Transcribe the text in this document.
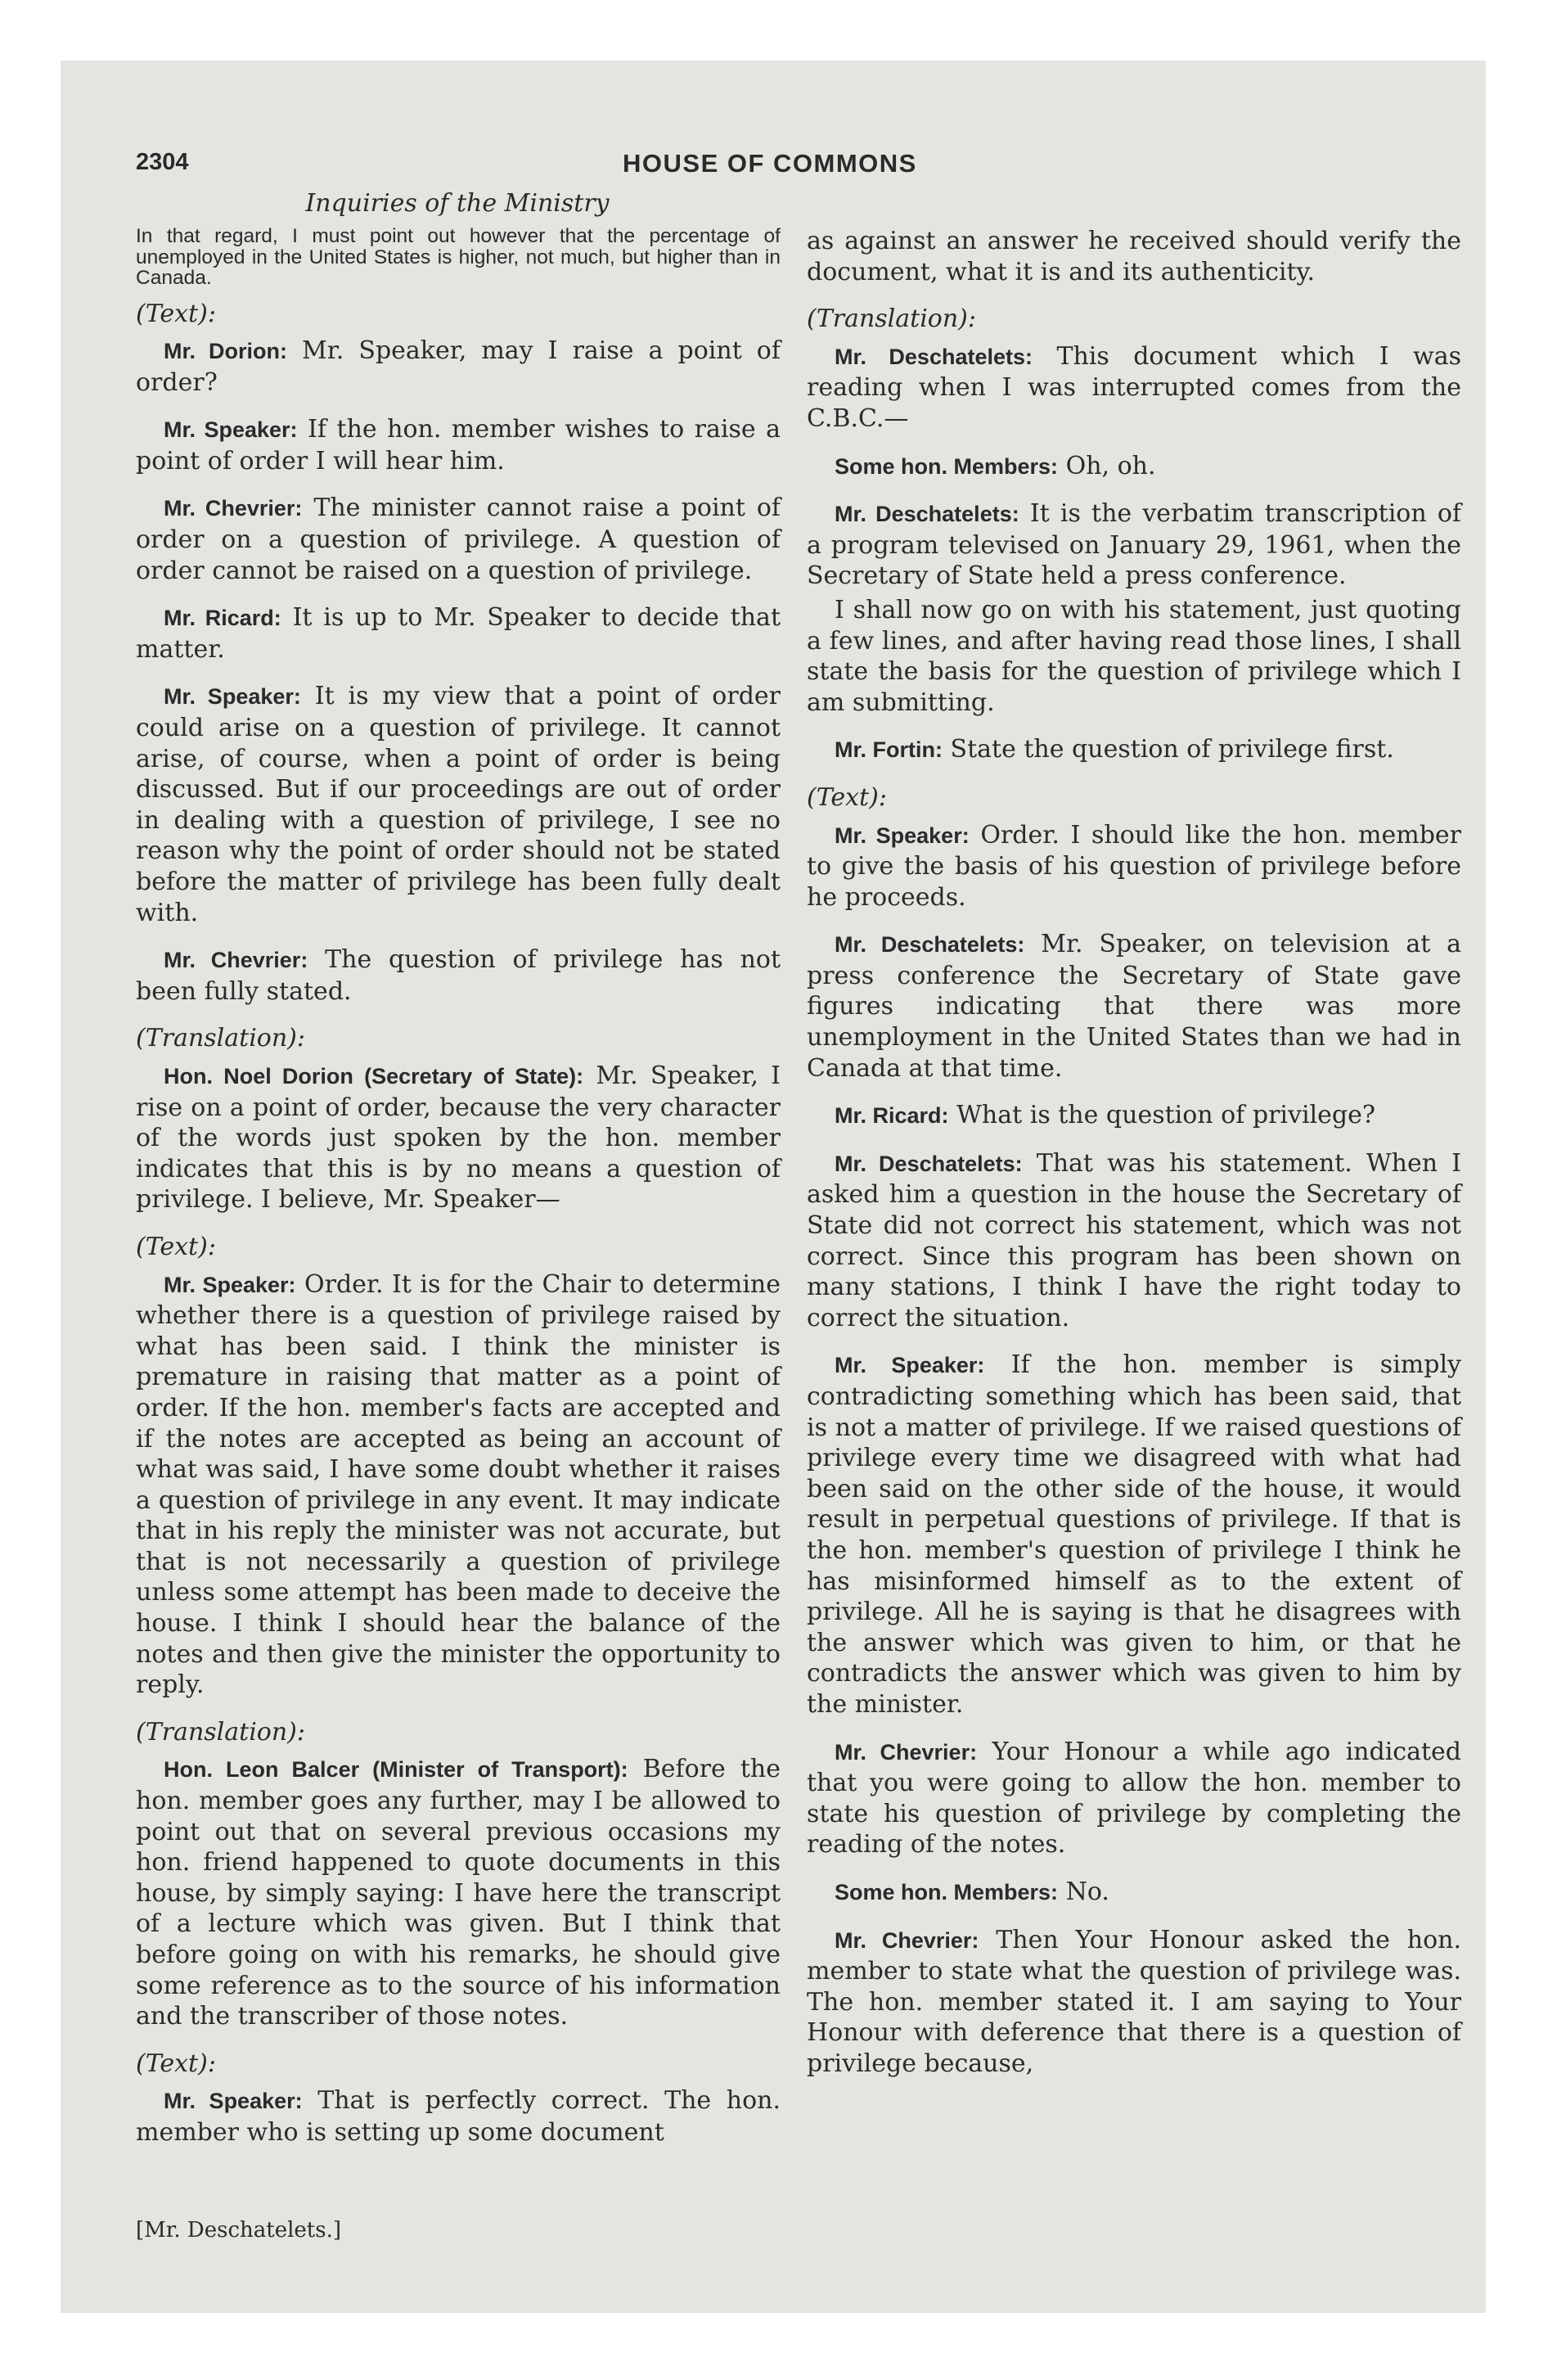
2304	HOUSE OF COMMONS
Inquiries of the Ministry

In that regard, I must point out however that the percentage of unemployed in the United States is higher, not much, but higher than in Canada.

(Text):

Mr. Dorion: Mr. Speaker, may I raise a point of order?

Mr. Speaker: If the hon. member wishes to raise a point of order I will hear him.

Mr. Chevrier: The minister cannot raise a point of order on a question of privilege. A question of order cannot be raised on a question of privilege.

Mr. Ricard: It is up to Mr. Speaker to decide that matter.

Mr. Speaker: It is my view that a point of order could arise on a question of privilege. It cannot arise, of course, when a point of order is being discussed. But if our proceedings are out of order in dealing with a question of privilege, I see no reason why the point of order should not be stated before the matter of privilege has been fully dealt with.

Mr. Chevrier: The question of privilege has not been fully stated.

(Translation):

Hon. Noel Dorion (Secretary of State): Mr. Speaker, I rise on a point of order, because the very character of the words just spoken by the hon. member indicates that this is by no means a question of privilege. I believe, Mr. Speaker—

(Text):

Mr. Speaker: Order. It is for the Chair to determine whether there is a question of privilege raised by what has been said. I think the minister is premature in raising that matter as a point of order. If the hon. member's facts are accepted and if the notes are accepted as being an account of what was said, I have some doubt whether it raises a question of privilege in any event. It may indicate that in his reply the minister was not accurate, but that is not necessarily a question of privilege unless some attempt has been made to deceive the house. I think I should hear the balance of the notes and then give the minister the opportunity to reply.

(Translation):

Hon. Leon Balcer (Minister of Transport): Before the hon. member goes any further, may I be allowed to point out that on several previous occasions my hon. friend happened to quote documents in this house, by simply saying: I have here the transcript of a lecture which was given. But I think that before going on with his remarks, he should give some reference as to the source of his information and the transcriber of those notes.

(Text):

Mr. Speaker: That is perfectly correct. The hon. member who is setting up some document

as against an answer he received should verify the document, what it is and its authenticity.

(Translation):

Mr. Deschatelets: This document which I was reading when I was interrupted comes from the C.B.C.—

Some hon. Members: Oh, oh.

Mr. Deschatelets: It is the verbatim transcription of a program televised on January 29, 1961, when the Secretary of State held a press conference.

I shall now go on with his statement, just quoting a few lines, and after having read those lines, I shall state the basis for the question of privilege which I am submitting.

Mr. Fortin: State the question of privilege first.

(Text):

Mr. Speaker: Order. I should like the hon. member to give the basis of his question of privilege before he proceeds.

Mr. Deschatelets: Mr. Speaker, on television at a press conference the Secretary of State gave figures indicating that there was more unemployment in the United States than we had in Canada at that time.

Mr. Ricard: What is the question of privilege?

Mr. Deschatelets: That was his statement. When I asked him a question in the house the Secretary of State did not correct his statement, which was not correct. Since this program has been shown on many stations, I think I have the right today to correct the situation.

Mr. Speaker: If the hon. member is simply contradicting something which has been said, that is not a matter of privilege. If we raised questions of privilege every time we disagreed with what had been said on the other side of the house, it would result in perpetual questions of privilege. If that is the hon. member's question of privilege I think he has misinformed himself as to the extent of privilege. All he is saying is that he disagrees with the answer which was given to him, or that he contradicts the answer which was given to him by the minister.

Mr. Chevrier: Your Honour a while ago indicated that you were going to allow the hon. member to state his question of privilege by completing the reading of the notes.

Some hon. Members: No.

Mr. Chevrier: Then Your Honour asked the hon. member to state what the question of privilege was. The hon. member stated it. I am saying to Your Honour with deference that there is a question of privilege because,

[Mr. Deschatelets.]
